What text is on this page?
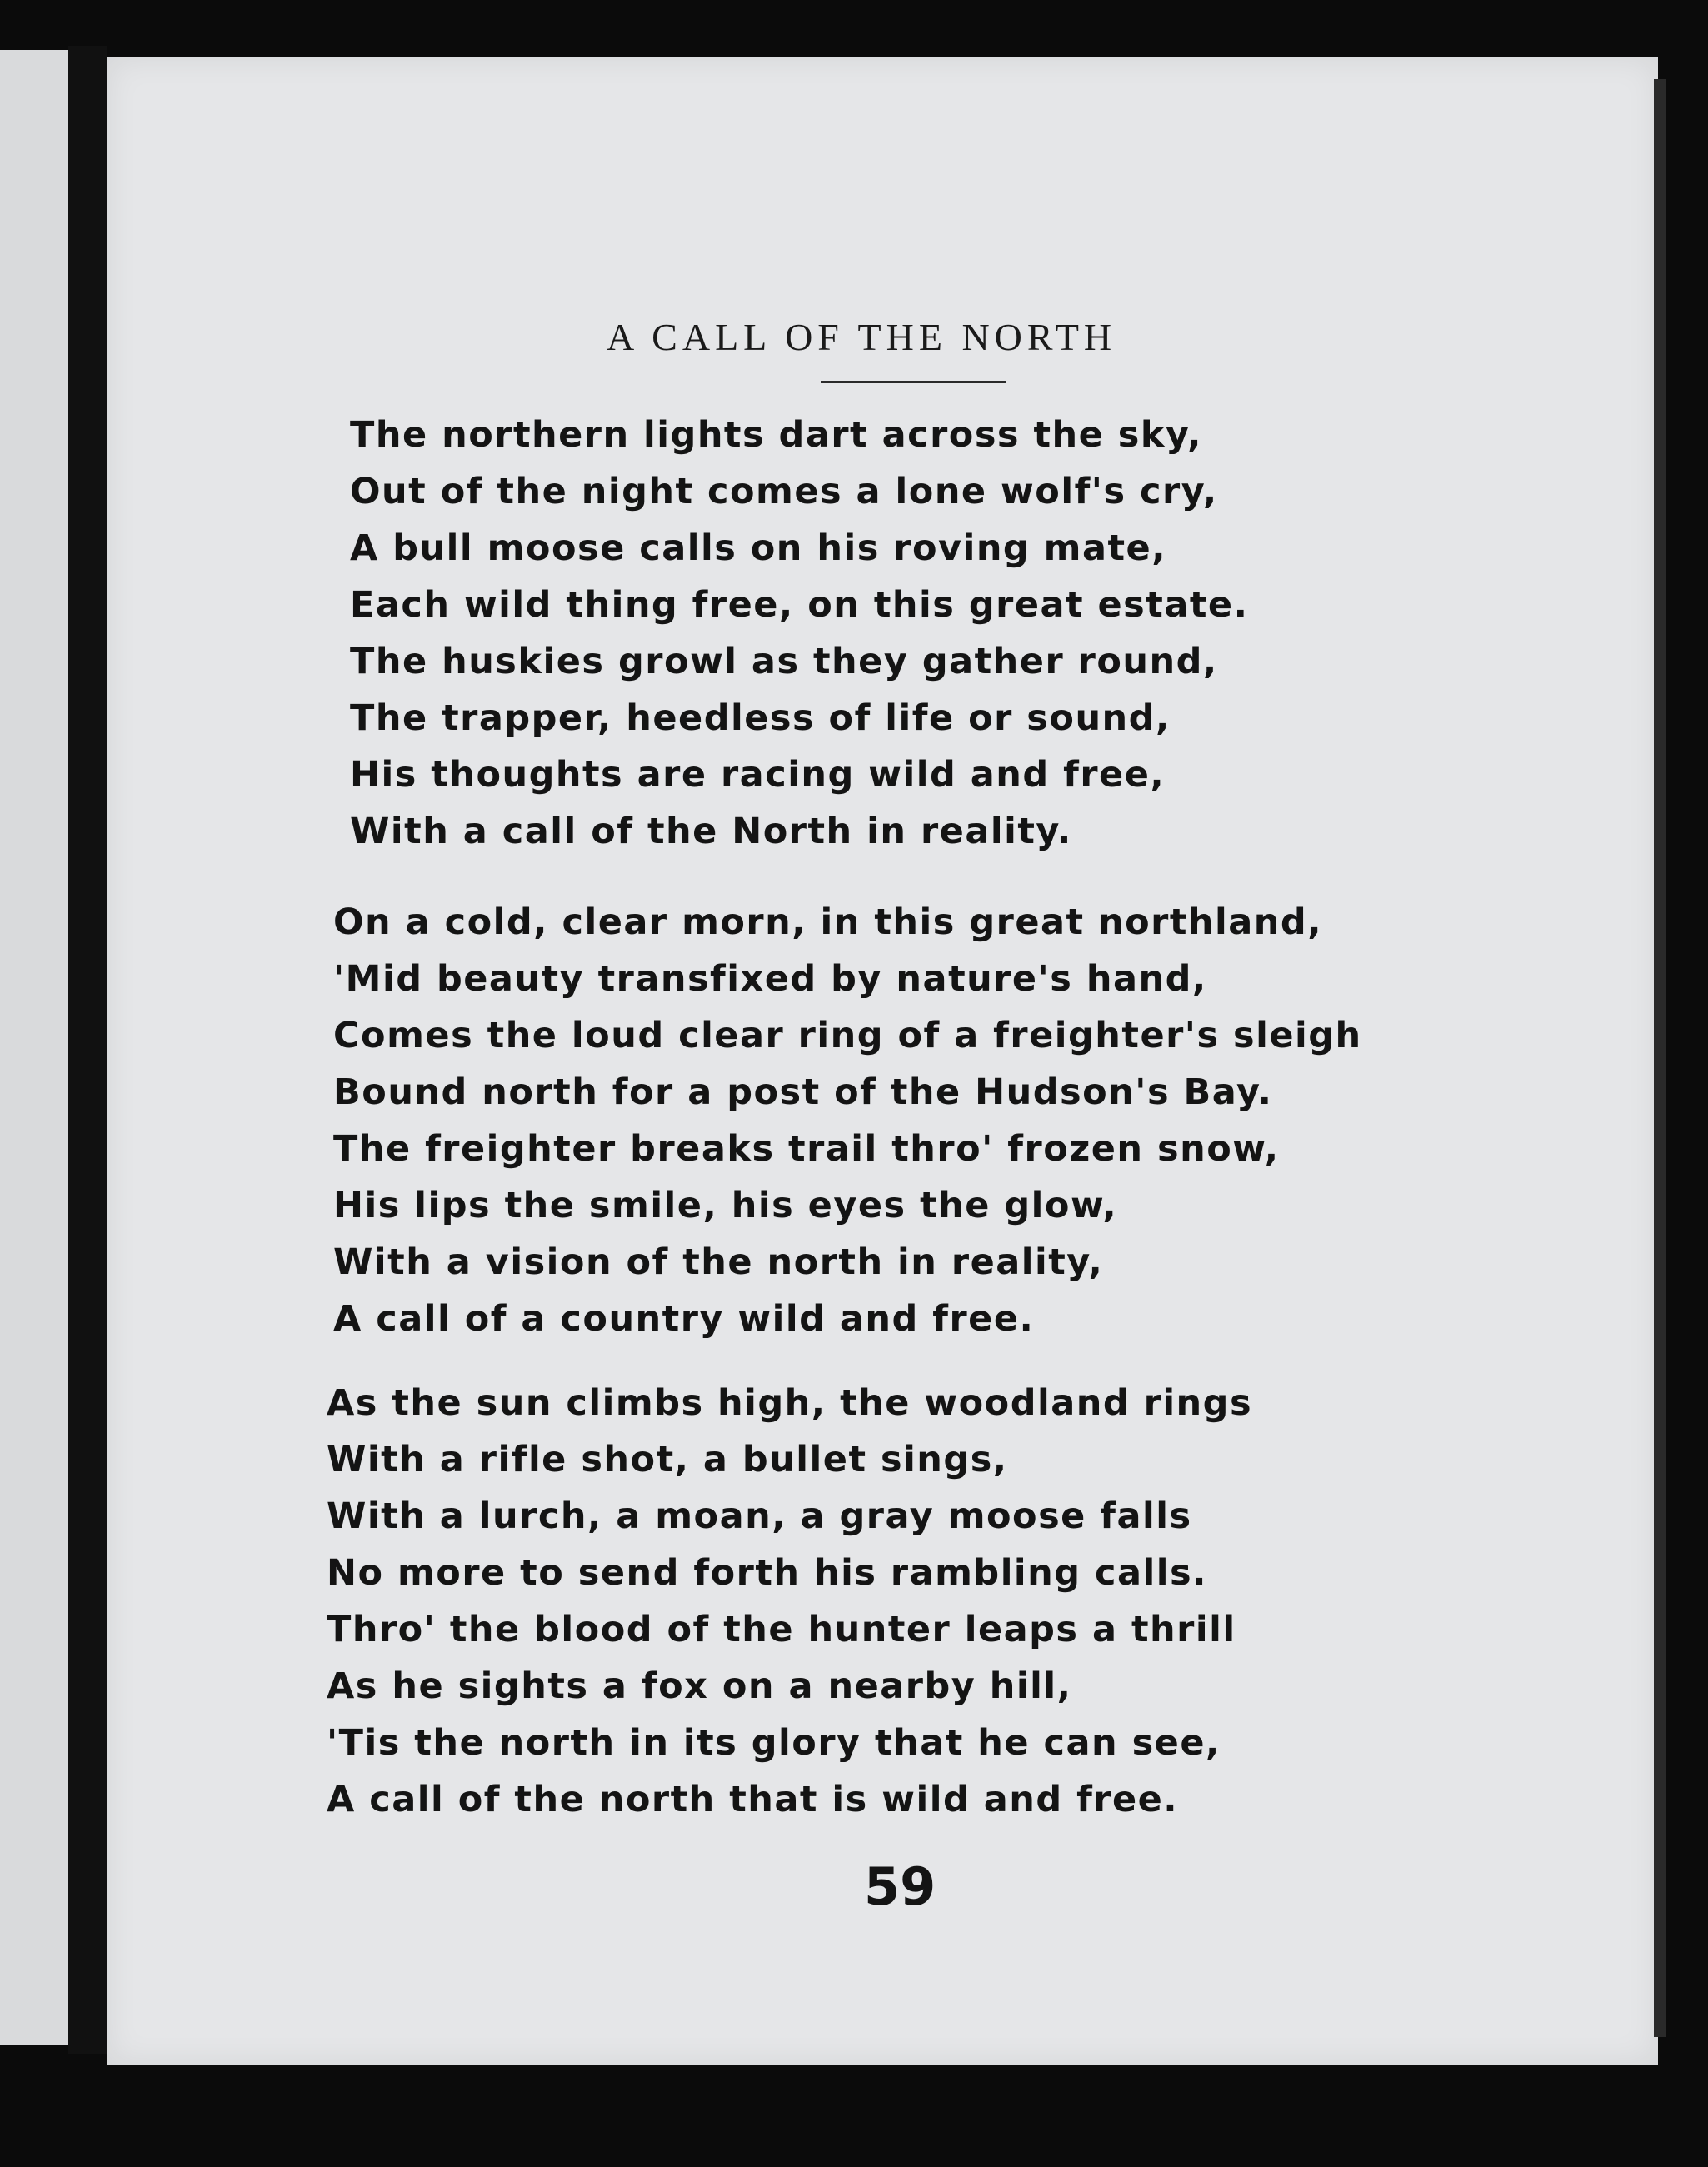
A CALL OF THE NORTH
The northern lights dart across the sky,
Out of the night comes a lone wolf's cry,
A bull moose calls on his roving mate,
Each wild thing free, on this great estate.
The huskies growl as they gather round,
The trapper, heedless of life or sound,
His thoughts are racing wild and free,
With a call of the North in reality.
On a cold, clear morn, in this great northland,
'Mid beauty transfixed by nature's hand,
Comes the loud clear ring of a freighter's sleigh
Bound north for a post of the Hudson's Bay.
The freighter breaks trail thro' frozen snow,
His lips the smile, his eyes the glow,
With a vision of the north in reality,
A call of a country wild and free.
As the sun climbs high, the woodland rings
With a rifle shot, a bullet sings,
With a lurch, a moan, a gray moose falls
No more to send forth his rambling calls.
Thro' the blood of the hunter leaps a thrill
As he sights a fox on a nearby hill,
'Tis the north in its glory that he can see,
A call of the north that is wild and free.
59
